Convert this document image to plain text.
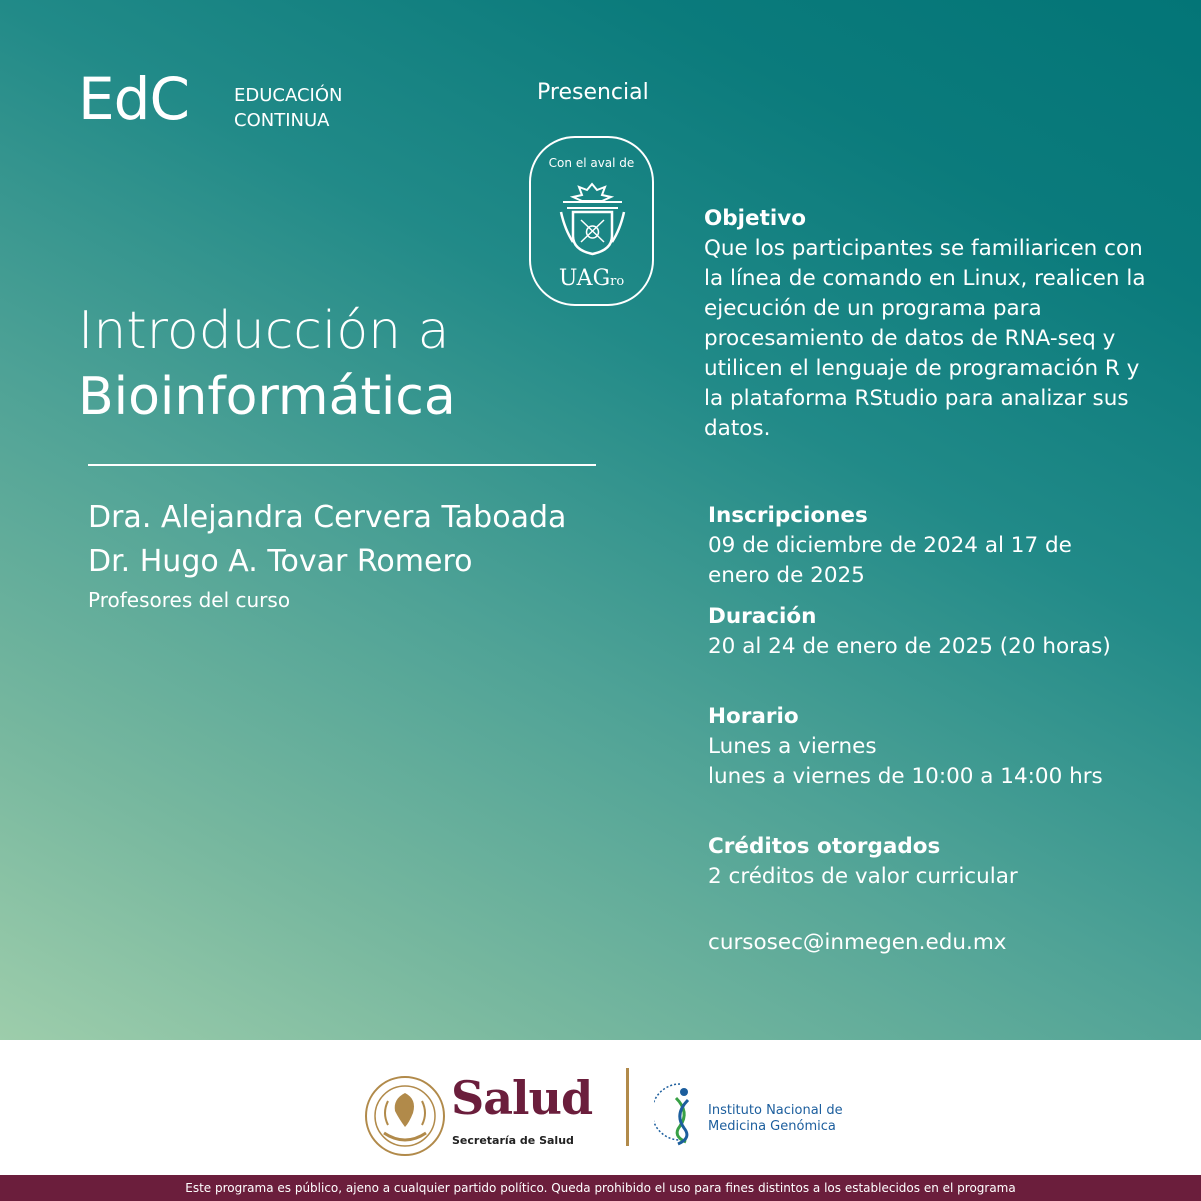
EdC	EDUCACIÓN
CONTINUA
Presencial
Con el aval de
UAGro
Introducción a
Bioinformática
Dra. Alejandra Cervera Taboada
Dr. Hugo A. Tovar Romero
Profesores del curso
Objetivo
Que los participantes se familiaricen con la línea de comando en Linux, realicen la ejecución de un programa para procesamiento de datos de RNA-seq y utilicen el lenguaje de programación R y la plataforma RStudio para analizar sus datos.
Inscripciones
09 de diciembre de 2024 al 17 de enero de 2025
Duración
20 al 24 de enero de 2025 (20 horas)
Horario
Lunes a viernes
lunes a viernes de 10:00 a 14:00 hrs
Créditos otorgados
2 créditos de valor curricular
cursosec@inmegen.edu.mx
Salud
Secretaría de Salud
Instituto Nacional de
Medicina Genómica
Este programa es público, ajeno a cualquier partido político. Queda prohibido el uso para fines distintos a los establecidos en el programa
